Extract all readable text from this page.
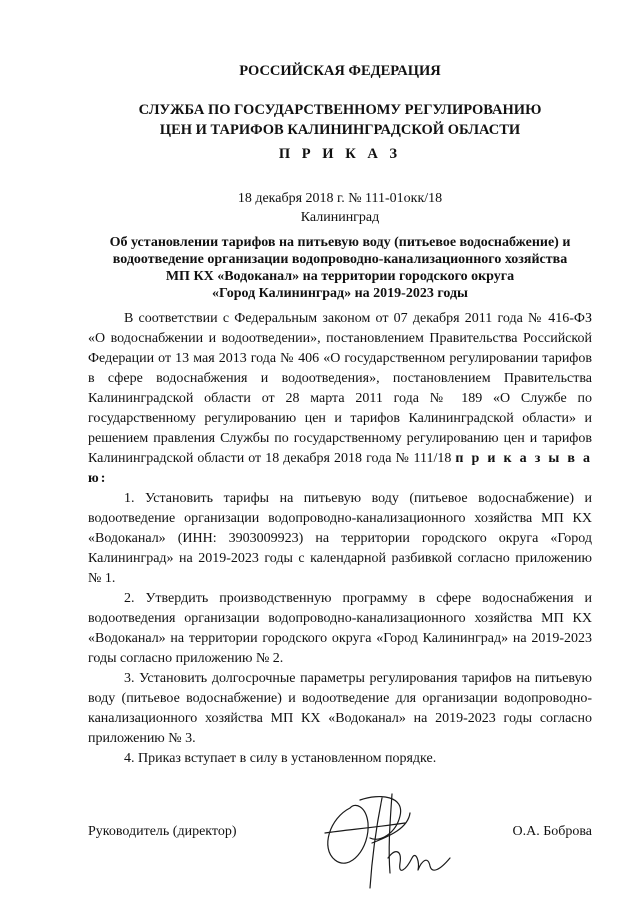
РОССИЙСКАЯ ФЕДЕРАЦИЯ
СЛУЖБА ПО ГОСУДАРСТВЕННОМУ РЕГУЛИРОВАНИЮ
ЦЕН И ТАРИФОВ КАЛИНИНГРАДСКОЙ ОБЛАСТИ
П Р И К А З
18 декабря 2018 г. № 111-01окк/18
Калининград
Об установлении тарифов на питьевую воду (питьевое водоснабжение) и
водоотведение организации водопроводно-канализационного хозяйства
МП КХ «Водоканал» на территории городского округа
«Город Калининград» на 2019-2023 годы

В соответствии с Федеральным законом от 07 декабря 2011 года № 416-ФЗ «О водоснабжении и водоотведении», постановлением Правительства Российской Федерации от 13 мая 2013 года № 406 «О государственном регулировании тарифов в сфере водоснабжения и водоотведения», постановлением Правительства Калининградской области от 28 марта 2011 года № 189 «О Службе по государственному регулированию цен и тарифов Калининградской области» и решением правления Службы по государственному регулированию цен и тарифов Калининградской области от 18 декабря 2018 года № 111/18 п р и к а з ы в а ю:

1. Установить тарифы на питьевую воду (питьевое водоснабжение) и водоотведение организации водопроводно-канализационного хозяйства МП КХ «Водоканал» (ИНН: 3903009923) на территории городского округа «Город Калининград» на 2019-2023 годы с календарной разбивкой согласно приложению № 1.

2. Утвердить производственную программу в сфере водоснабжения и водоотведения организации водопроводно-канализационного хозяйства МП КХ «Водоканал» на территории городского округа «Город Калининград» на 2019-2023 годы согласно приложению № 2.

3. Установить долгосрочные параметры регулирования тарифов на питьевую воду (питьевое водоснабжение) и водоотведение для организации водопроводно-канализационного хозяйства МП КХ «Водоканал» на 2019-2023 годы согласно приложению № 3.

4. Приказ вступает в силу в установленном порядке.

Руководитель (директор)	О.А. Боброва
